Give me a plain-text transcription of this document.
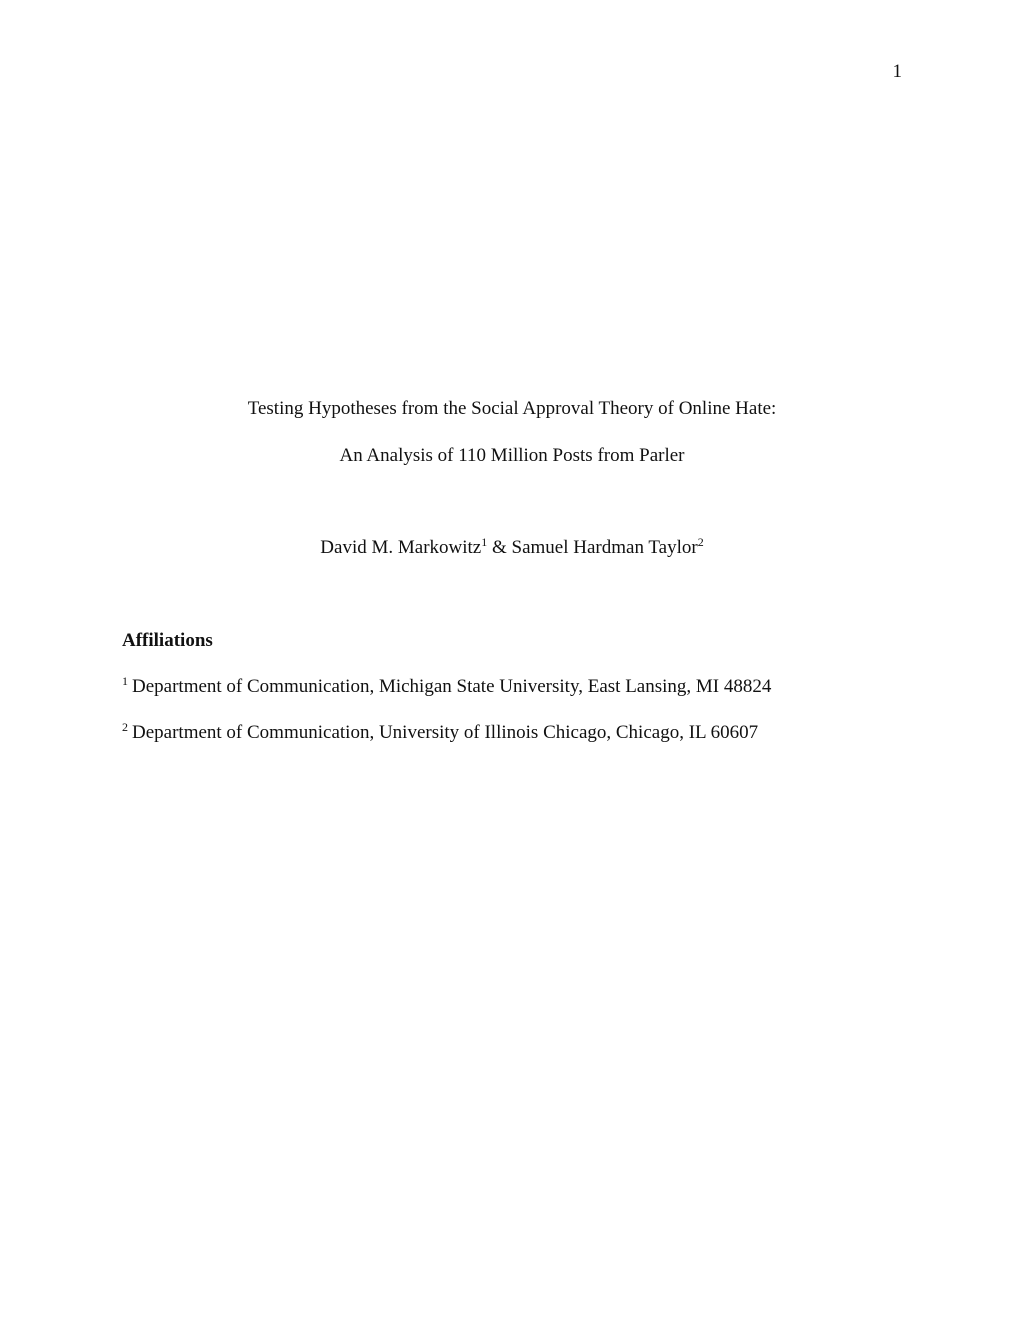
1
Testing Hypotheses from the Social Approval Theory of Online Hate:
An Analysis of 110 Million Posts from Parler
David M. Markowitz$^1$ & Samuel Hardman Taylor$^2$
Affiliations
$^1$ Department of Communication, Michigan State University, East Lansing, MI 48824
$^2$ Department of Communication, University of Illinois Chicago, Chicago, IL 60607
